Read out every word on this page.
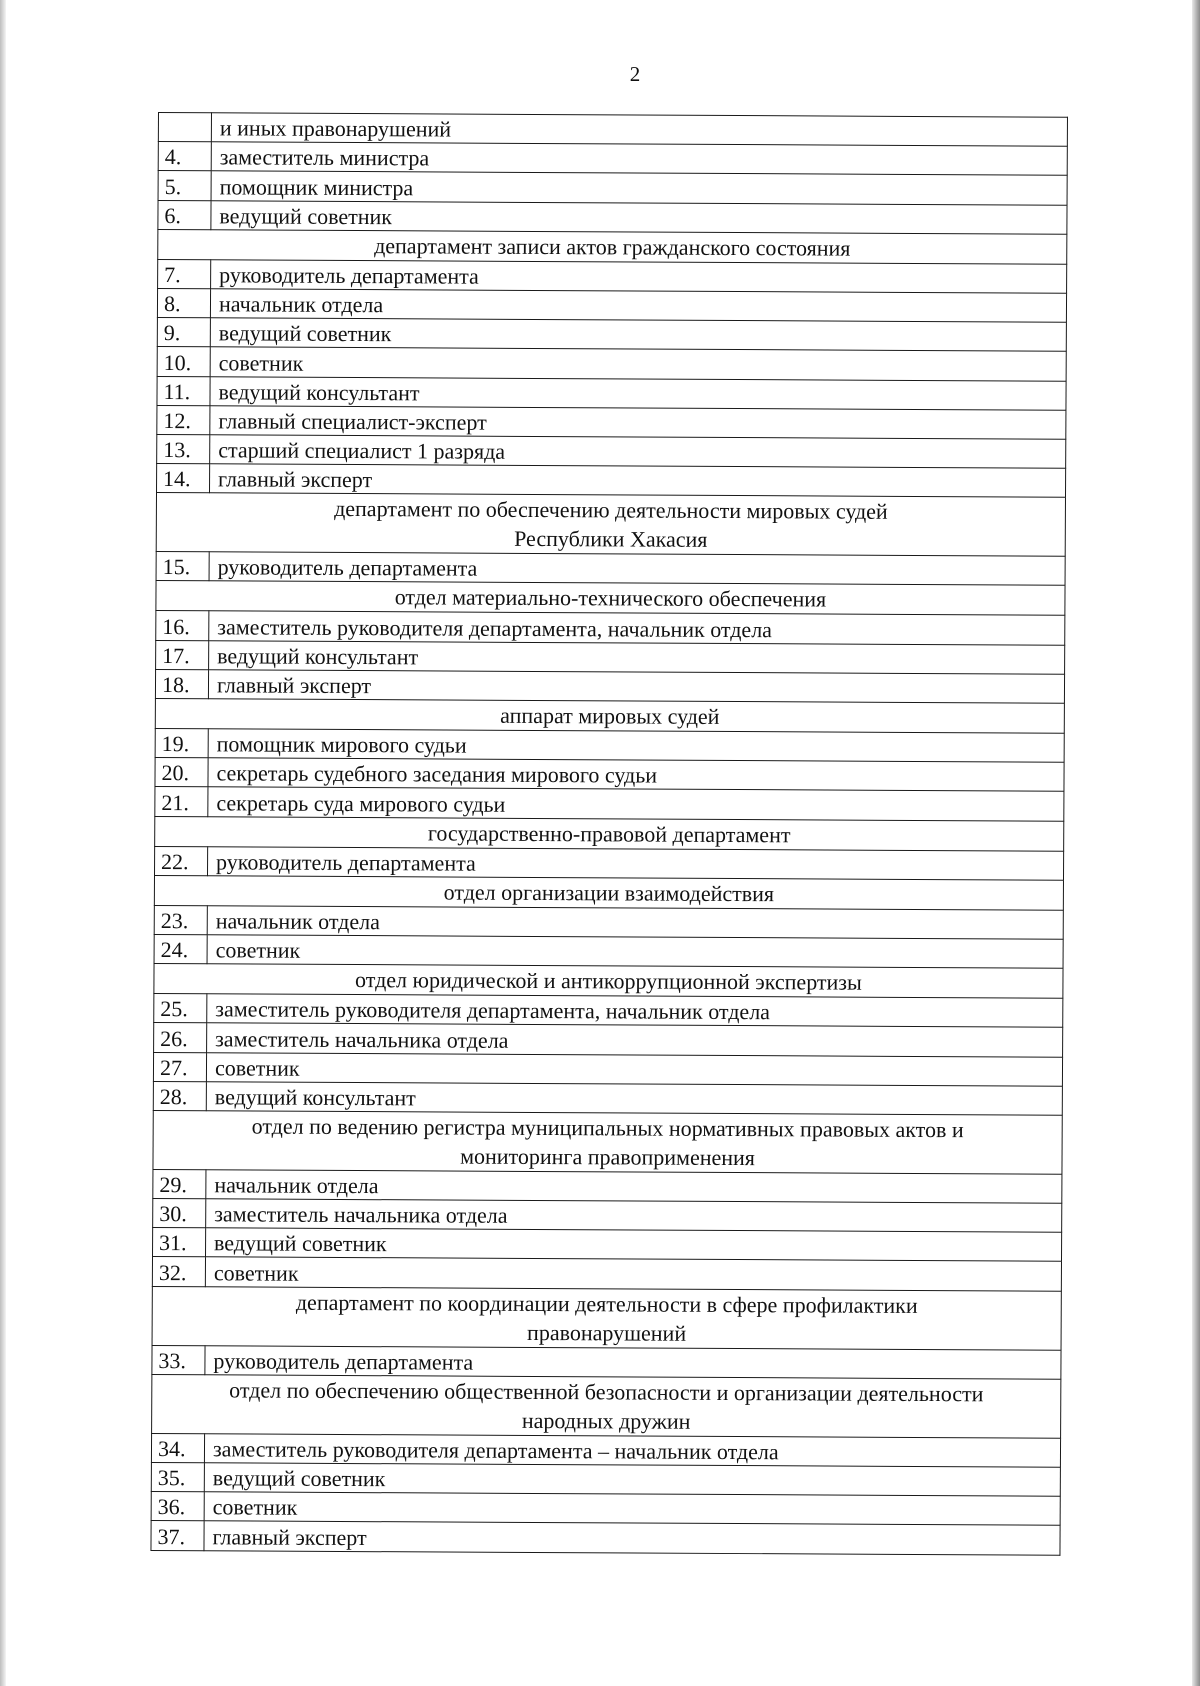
2
	и иных правонарушений
4.	заместитель министра
5.	помощник министра
6.	ведущий советник
департамент записи актов гражданского состояния	
7.	руководитель департамента
8.	начальник отдела
9.	ведущий советник
10.	советник
11.	ведущий консультант
12.	главный специалист-эксперт
13.	старший специалист 1 разряда
14.	главный эксперт
департамент по обеспечению деятельности мировых судей
Республики Хакасия	
15.	руководитель департамента
отдел материально-технического обеспечения	
16.	заместитель руководителя департамента, начальник отдела
17.	ведущий консультант
18.	главный эксперт
аппарат мировых судей	
19.	помощник мирового судьи
20.	секретарь судебного заседания мирового судьи
21.	секретарь суда мирового судьи
государственно-правовой департамент	
22.	руководитель департамента
отдел организации взаимодействия	
23.	начальник отдела
24.	советник
отдел юридической и антикоррупционной экспертизы	
25.	заместитель руководителя департамента, начальник отдела
26.	заместитель начальника отдела
27.	советник
28.	ведущий консультант
отдел по ведению регистра муниципальных нормативных правовых актов и
мониторинга правоприменения	
29.	начальник отдела
30.	заместитель начальника отдела
31.	ведущий советник
32.	советник
департамент по координации деятельности в сфере профилактики
правонарушений	
33.	руководитель департамента
отдел по обеспечению общественной безопасности и организации деятельности
народных дружин	
34.	заместитель руководителя департамента – начальник отдела
35.	ведущий советник
36.	советник
37.	главный эксперт
